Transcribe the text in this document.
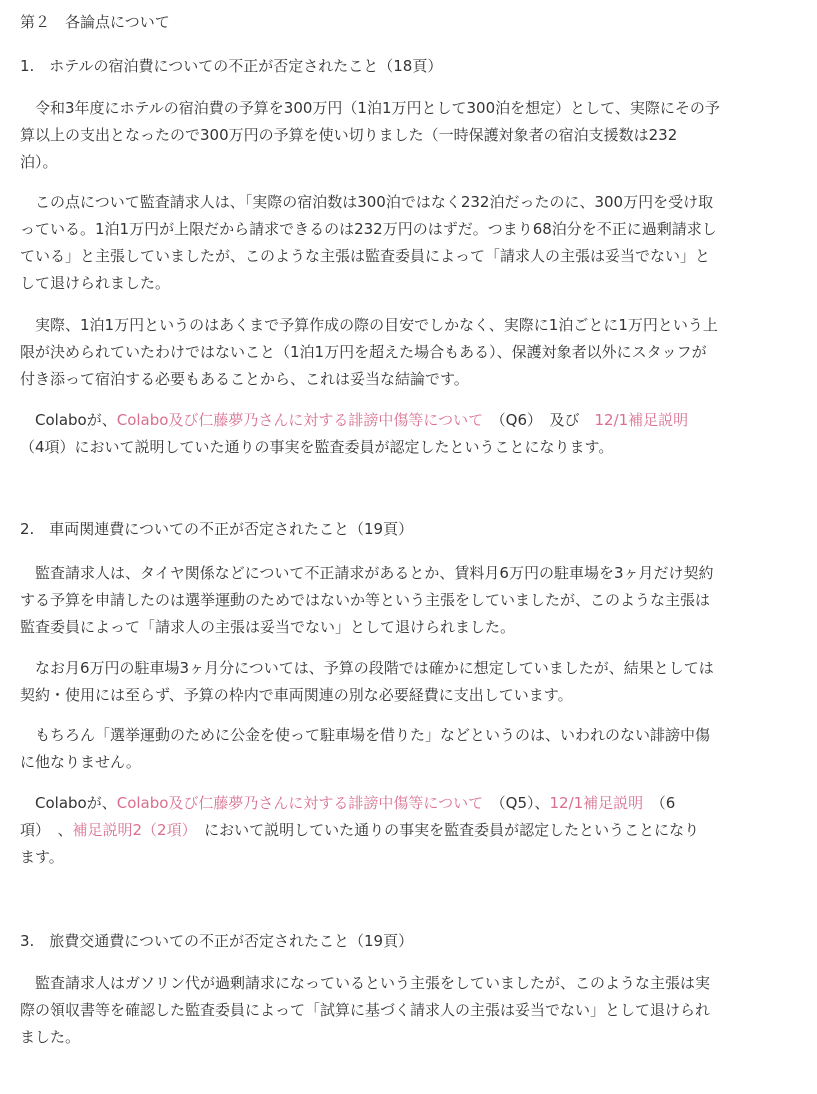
第２　各論点について
1.　ホテルの宿泊費についての不正が否定されたこと（18頁）
　令和3年度にホテルの宿泊費の予算を300万円（1泊1万円として300泊を想定）として、実際にその予
算以上の支出となったので300万円の予算を使い切りました（一時保護対象者の宿泊支援数は232
泊）。
　この点について監査請求人は、「実際の宿泊数は300泊ではなく232泊だったのに、300万円を受け取
っている。1泊1万円が上限だから請求できるのは232万円のはずだ。つまり68泊分を不正に過剰請求し
ている」と主張していましたが、このような主張は監査委員によって「請求人の主張は妥当でない」と
して退けられました。
　実際、1泊1万円というのはあくまで予算作成の際の目安でしかなく、実際に1泊ごとに1万円という上
限が決められていたわけではないこと（1泊1万円を超えた場合もある）、保護対象者以外にスタッフが
付き添って宿泊する必要もあることから、これは妥当な結論です。
　Colaboが、Colabo及び仁藤夢乃さんに対する誹謗中傷等について　（Q6）　及び　12/1補足説明
（4項）において説明していた通りの事実を監査委員が認定したということになります。
2.　車両関連費についての不正が否定されたこと（19頁）
　監査請求人は、タイヤ関係などについて不正請求があるとか、賃料月6万円の駐車場を3ヶ月だけ契約
する予算を申請したのは選挙運動のためではないか等という主張をしていましたが、このような主張は
監査委員によって「請求人の主張は妥当でない」として退けられました。
　なお月6万円の駐車場3ヶ月分については、予算の段階では確かに想定していましたが、結果としては
契約・使用には至らず、予算の枠内で車両関連の別な必要経費に支出しています。
　もちろん「選挙運動のために公金を使って駐車場を借りた」などというのは、いわれのない誹謗中傷
に他なりません。
　Colaboが、Colabo及び仁藤夢乃さんに対する誹謗中傷等について　（Q5）、12/1補足説明　（6
項）　、補足説明2（2項）　において説明していた通りの事実を監査委員が認定したということになり
ます。
3.　旅費交通費についての不正が否定されたこと（19頁）
　監査請求人はガソリン代が過剰請求になっているという主張をしていましたが、このような主張は実
際の領収書等を確認した監査委員によって「試算に基づく請求人の主張は妥当でない」として退けられ
ました。
